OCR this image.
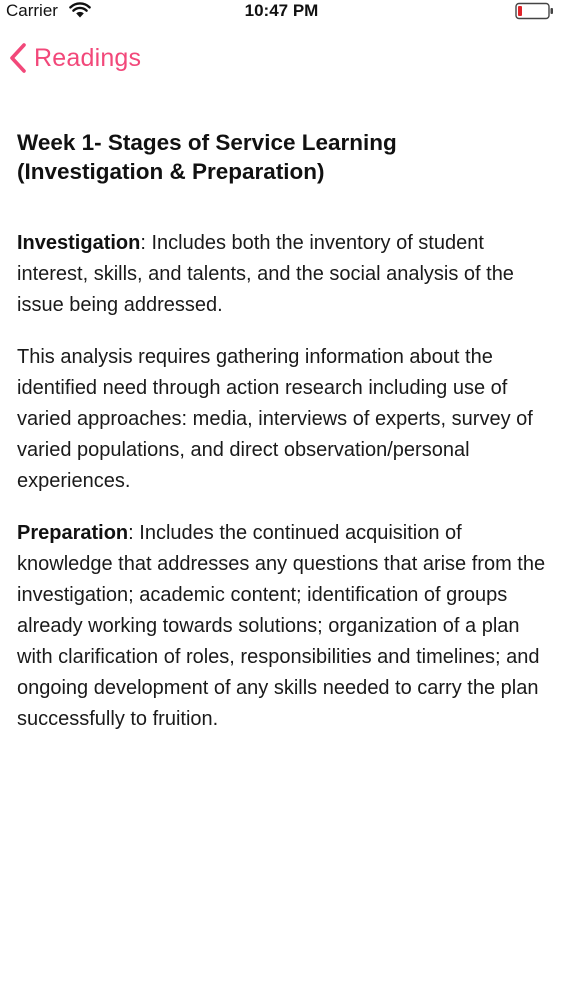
Carrier	10:47 PM
Readings
Week 1- Stages of Service Learning
(Investigation & Preparation)

Investigation: Includes both the inventory of student interest, skills, and talents, and the social analysis of the issue being addressed.

This analysis requires gathering information about the identified need through action research including use of varied approaches: media, interviews of experts, survey of varied populations, and direct observation/personal experiences.

Preparation: Includes the continued acquisition of knowledge that addresses any questions that arise from the investigation; academic content; identification of groups already working towards solutions; organization of a plan with clarification of roles, responsibilities and timelines; and ongoing development of any skills needed to carry the plan successfully to fruition.
